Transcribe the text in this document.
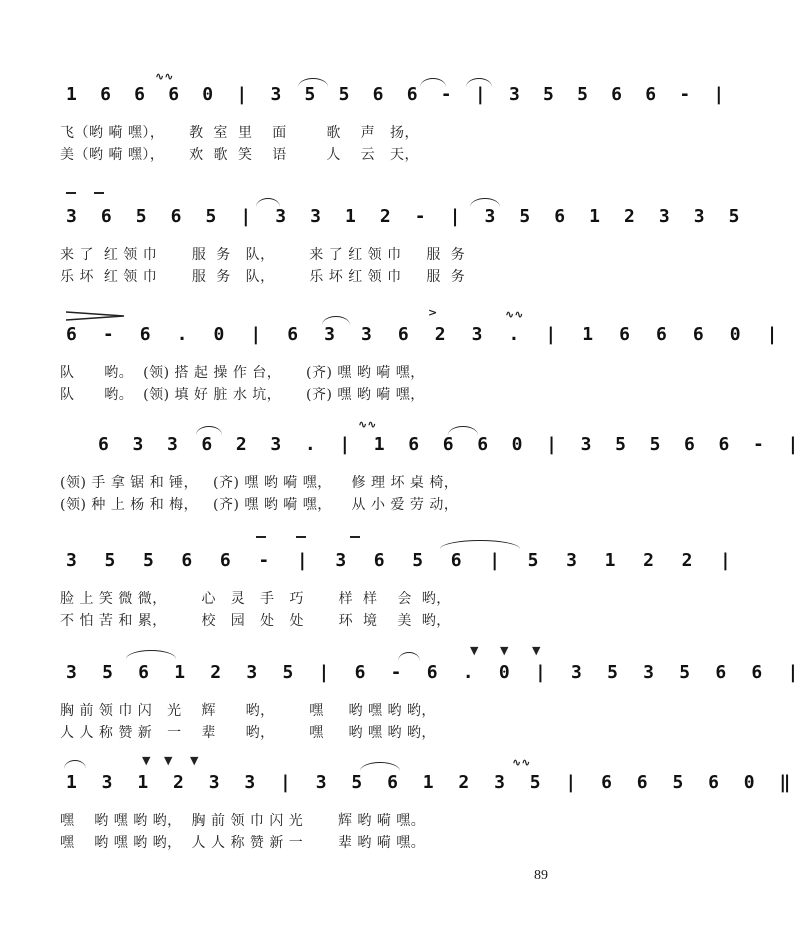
1 6 6 6 0 | 3 5 5 6 6 - | 3 5 5 6 6 - |
∿∿
飞（哟 嗬 嘿），     教  室  里    面        歌    声   扬，
美（哟 嗬 嘿），     欢  歌  笑    语        人    云   天，
3 6 5 6 5 | 3 3 1 2 - | 3 5 6 1 2 3 3 5
来 了  红 领 巾       服  务   队，       来 了 红 领 巾     服  务
乐 坏  红 领 巾       服  务   队，       乐 坏 红 领 巾     服  务
6 - 6 . 0 | 6 3 3 6 2 3 . | 1 6 6 6 0 |
>	∿∿
队      哟。  (领) 搭 起 操 作 台，     (齐) 嘿 哟 嗬 嘿，
队      哟。  (领) 填 好 脏 水 坑，     (齐) 嘿 哟 嗬 嘿，
6 3 3 6 2 3 . | 1 6 6 6 0 | 3 5 5 6 6 - |
∿∿
(领) 手 拿 锯 和 锤，   (齐) 嘿 哟 嗬 嘿，    修 理 坏 桌 椅，
(领) 种 上 杨 和 梅，   (齐) 嘿 哟 嗬 嘿，    从 小 爱 劳 动，
3 5 5 6 6 - | 3 6 5 6 | 5 3 1 2 2 |
脸 上 笑 微 微，       心   灵   手   巧       样  样    会  哟，
不 怕 苦 和 累，       校   园   处   处       环  境    美  哟，
3 5 6 1 2 3 5 | 6 - 6 . 0 | 3 5 3 5 6 6 |
▼ ▼ ▼
胸 前 领 巾 闪   光    辉      哟，       嘿     哟 嘿 哟 哟，
人 人 称 赞 新   一    辈      哟，       嘿     哟 嘿 哟 哟，
1 3 1 2 3 3 | 3 5 6 1 2 3 5 | 6 6 5 6 0 ‖
▼ ▼ ▼	∿∿
嘿    哟 嘿 哟 哟，  胸 前 领 巾 闪 光       辉 哟 嗬 嘿。
嘿    哟 嘿 哟 哟，  人 人 称 赞 新 一       辈 哟 嗬 嘿。
89
